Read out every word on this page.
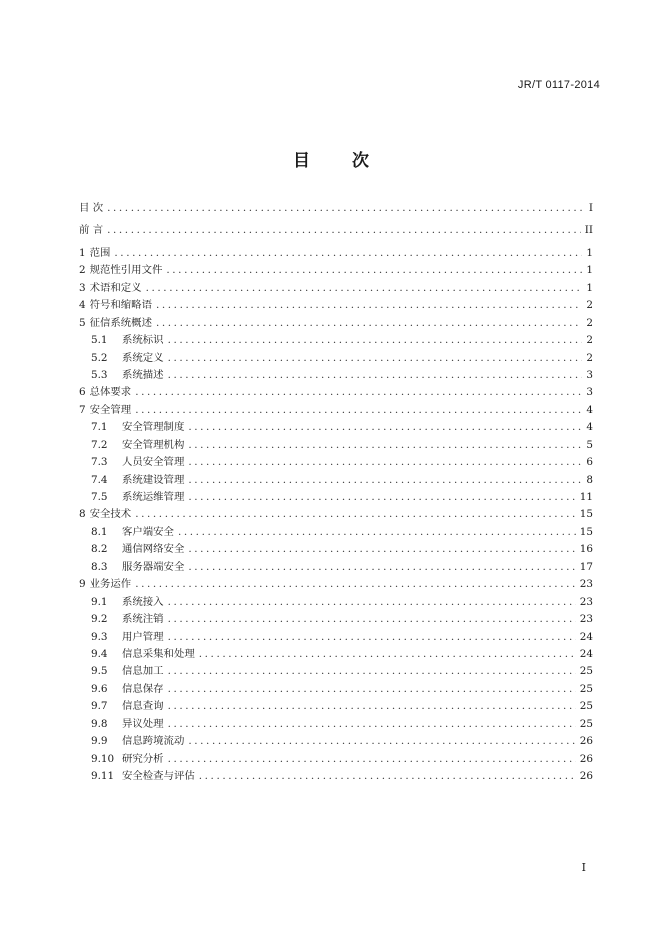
JR/T 0117-2014
目 次
目 次 .....	I
前 言 .....	II
1 范围 .....	1
2 规范性引用文件 .....	1
3 术语和定义 .....	1
4 符号和缩略语 .....	2
5 征信系统概述 .....	2
5.1	系统标识 .....	2
5.2	系统定义 .....	2
5.3	系统描述 .....	3
6 总体要求 .....	3
7 安全管理 .....	4
7.1	安全管理制度 .....	4
7.2	安全管理机构 .....	5
7.3	人员安全管理 .....	6
7.4	系统建设管理 .....	8
7.5	系统运维管理 .....	11
8 安全技术 .....	15
8.1	客户端安全 .....	15
8.2	通信网络安全 .....	16
8.3	服务器端安全 .....	17
9 业务运作 .....	23
9.1	系统接入 .....	23
9.2	系统注销 .....	23
9.3	用户管理 .....	24
9.4	信息采集和处理 .....	24
9.5	信息加工 .....	25
9.6	信息保存 .....	25
9.7	信息查询 .....	25
9.8	异议处理 .....	25
9.9	信息跨境流动 .....	26
9.10 研究分析 .....	26
9.11 安全检查与评估 .....	26
I
